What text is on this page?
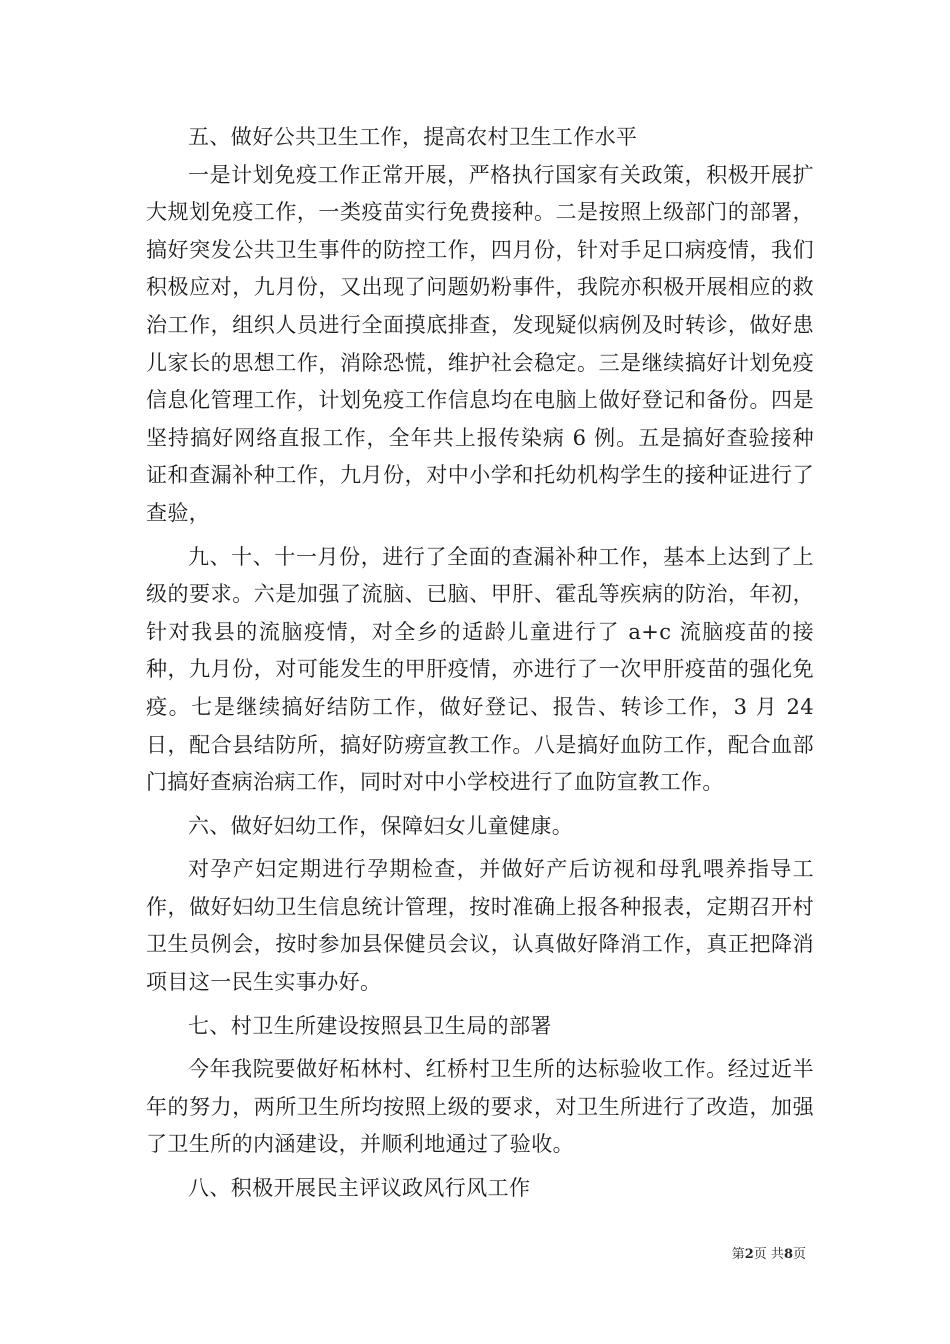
五、做好公共卫生工作，提高农村卫生工作水平

一是计划免疫工作正常开展，严格执行国家有关政策，积极开展扩大规划免疫工作，一类疫苗实行免费接种。二是按照上级部门的部署，搞好突发公共卫生事件的防控工作，四月份，针对手足口病疫情，我们积极应对，九月份，又出现了问题奶粉事件，我院亦积极开展相应的救治工作，组织人员进行全面摸底排查，发现疑似病例及时转诊，做好患儿家长的思想工作，消除恐慌，维护社会稳定。三是继续搞好计划免疫信息化管理工作，计划免疫工作信息均在电脑上做好登记和备份。四是坚持搞好网络直报工作，全年共上报传染病 6 例。五是搞好查验接种证和查漏补种工作，九月份，对中小学和托幼机构学生的接种证进行了查验，

九、十、十一月份，进行了全面的查漏补种工作，基本上达到了上级的要求。六是加强了流脑、已脑、甲肝、霍乱等疾病的防治，年初，针对我县的流脑疫情，对全乡的适龄儿童进行了 a+c 流脑疫苗的接种，九月份，对可能发生的甲肝疫情，亦进行了一次甲肝疫苗的强化免疫。七是继续搞好结防工作，做好登记、报告、转诊工作，3 月 24 日，配合县结防所，搞好防痨宣教工作。八是搞好血防工作，配合血部门搞好查病治病工作，同时对中小学校进行了血防宣教工作。

六、做好妇幼工作，保障妇女儿童健康。

对孕产妇定期进行孕期检查，并做好产后访视和母乳喂养指导工作，做好妇幼卫生信息统计管理，按时准确上报各种报表，定期召开村卫生员例会，按时参加县保健员会议，认真做好降消工作，真正把降消项目这一民生实事办好。

七、村卫生所建设按照县卫生局的部署

今年我院要做好柘林村、红桥村卫生所的达标验收工作。经过近半年的努力，两所卫生所均按照上级的要求，对卫生所进行了改造，加强了卫生所的内涵建设，并顺利地通过了验收。

八、积极开展民主评议政风行风工作

第2页 共8页
